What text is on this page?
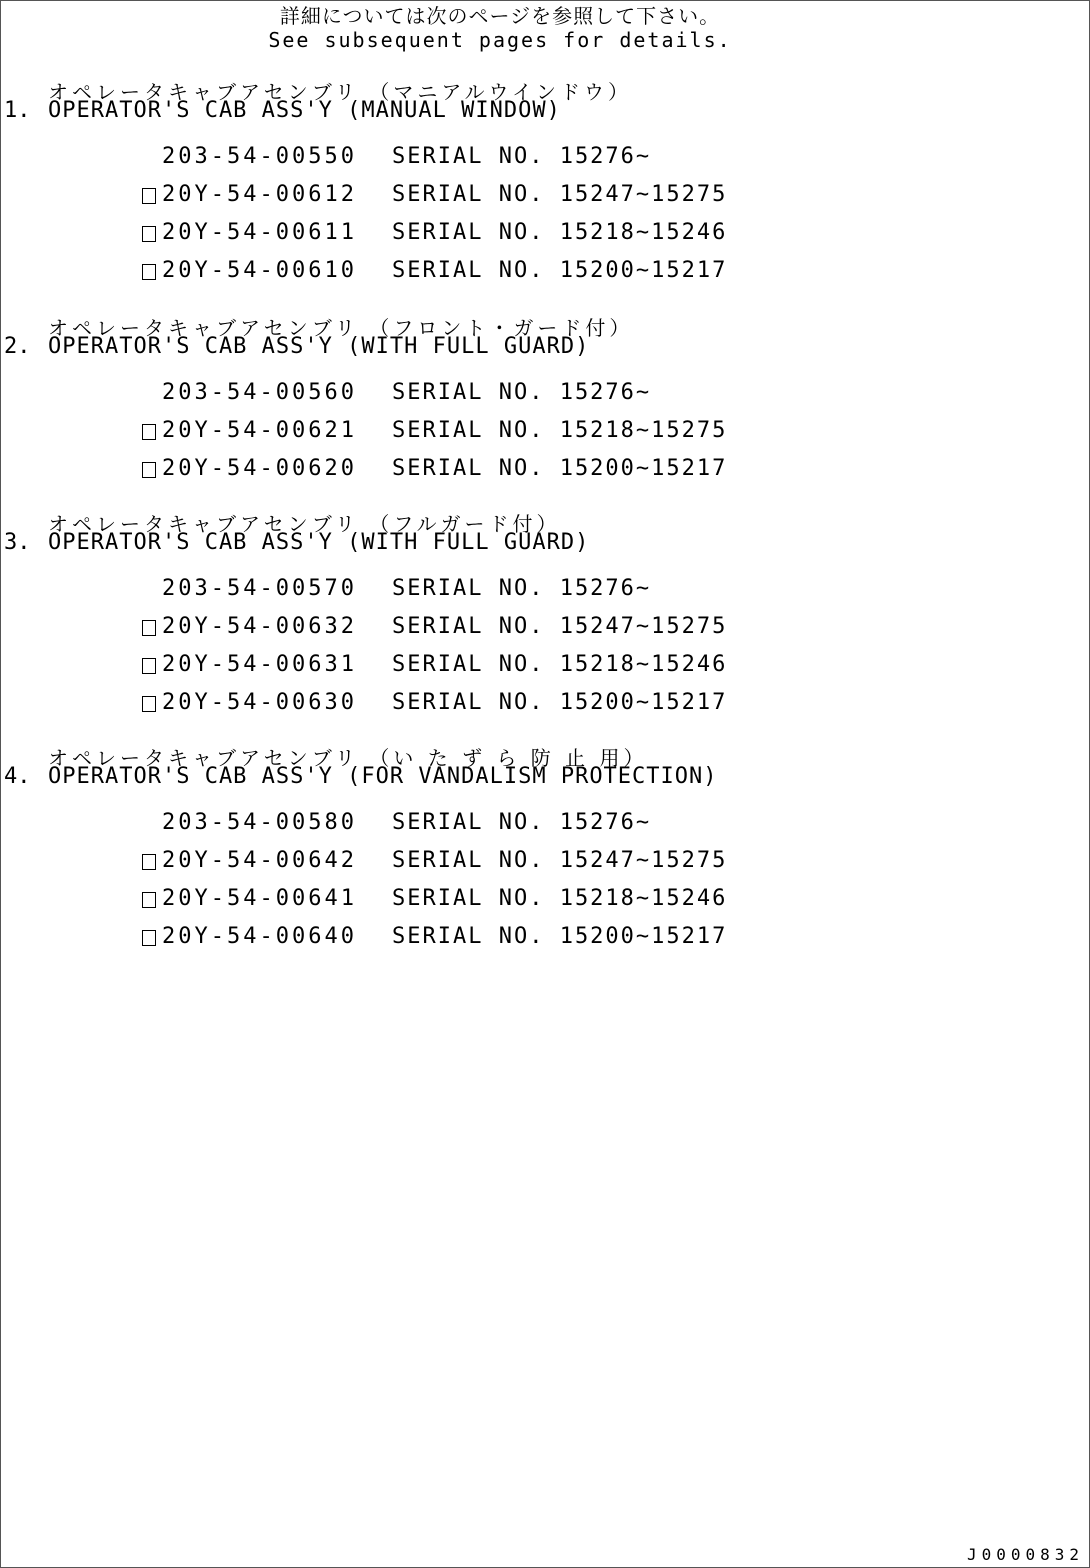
詳細については次のページを参照して下さい。
See subsequent pages for details.
オペレータキャブアセンブリ （マニアルウインドウ）
1. OPERATOR'S CAB ASS'Y (MANUAL WINDOW)
203-54-00550 SERIAL NO. 15276~
20Y-54-00612 SERIAL NO. 15247~15275
20Y-54-00611 SERIAL NO. 15218~15246
20Y-54-00610 SERIAL NO. 15200~15217
オペレータキャブアセンブリ （フロント・ガード付）
2. OPERATOR'S CAB ASS'Y (WITH FULL GUARD)
203-54-00560 SERIAL NO. 15276~
20Y-54-00621 SERIAL NO. 15218~15275
20Y-54-00620 SERIAL NO. 15200~15217
オペレータキャブアセンブリ （フルガード付）
3. OPERATOR'S CAB ASS'Y (WITH FULL GUARD)
203-54-00570 SERIAL NO. 15276~
20Y-54-00632 SERIAL NO. 15247~15275
20Y-54-00631 SERIAL NO. 15218~15246
20Y-54-00630 SERIAL NO. 15200~15217
オペレータキャブアセンブリ （い た ず ら 防 止 用）
4. OPERATOR'S CAB ASS'Y (FOR VANDALISM PROTECTION)
203-54-00580 SERIAL NO. 15276~
20Y-54-00642 SERIAL NO. 15247~15275
20Y-54-00641 SERIAL NO. 15218~15246
20Y-54-00640 SERIAL NO. 15200~15217
J0000832
